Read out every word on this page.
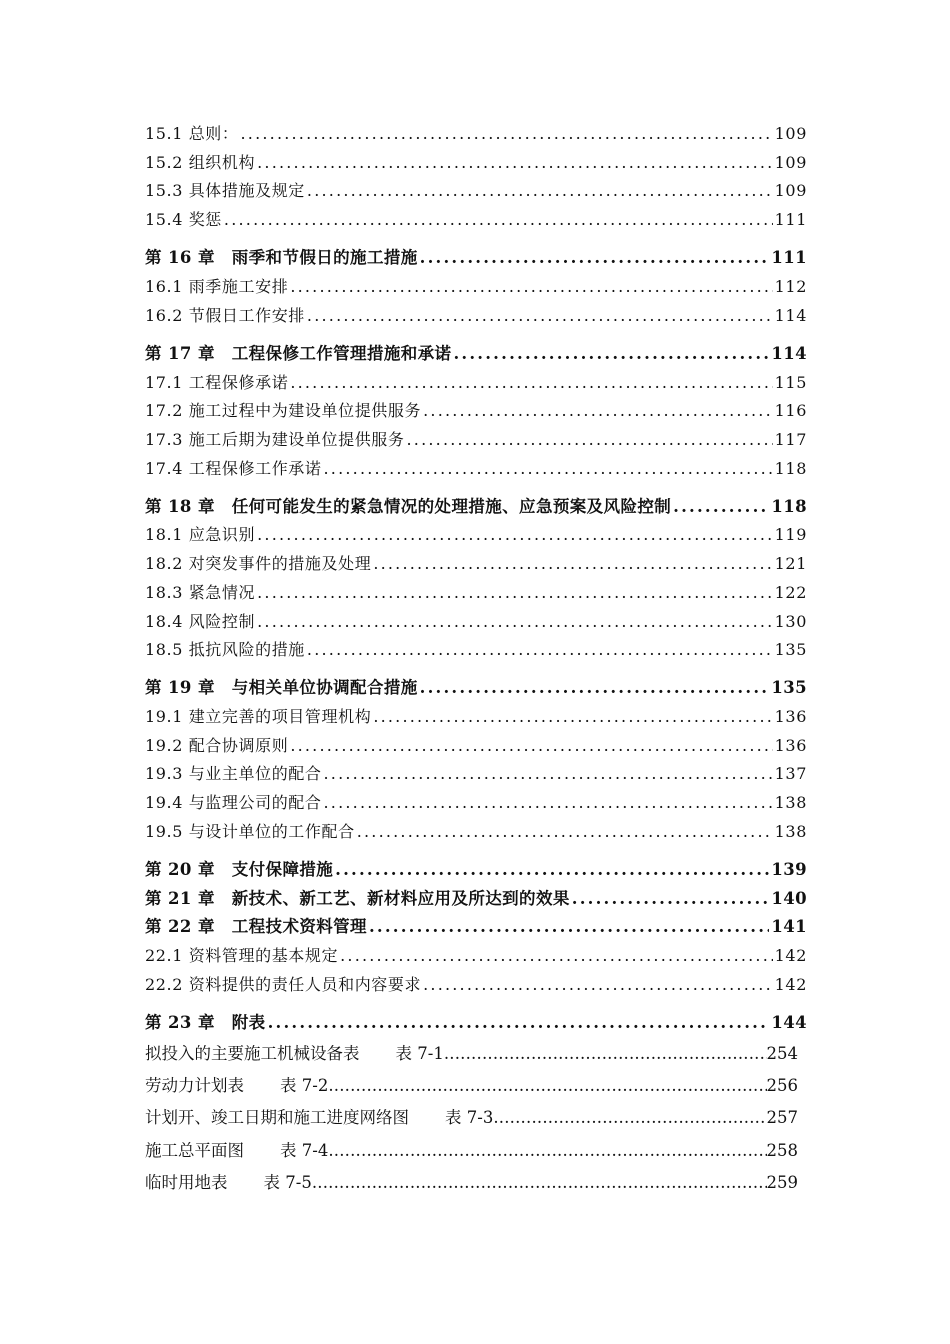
15.1 总则： .....	109
15.2 组织机构 .....	109
15.3 具体措施及规定 .....	109
15.4 奖惩 .....	111
第 16 章　雨季和节假日的施工措施 .....	111
16.1 雨季施工安排 .....	112
16.2 节假日工作安排 .....	114
第 17 章　工程保修工作管理措施和承诺 .....	114
17.1 工程保修承诺 .....	115
17.2 施工过程中为建设单位提供服务 .....	116
17.3 施工后期为建设单位提供服务 .....	117
17.4 工程保修工作承诺 .....	118
第 18 章　任何可能发生的紧急情况的处理措施、应急预案及风险控制 .....	118
18.1 应急识别 .....	119
18.2 对突发事件的措施及处理 .....	121
18.3 紧急情况 .....	122
18.4 风险控制 .....	130
18.5 抵抗风险的措施 .....	135
第 19 章　与相关单位协调配合措施 .....	135
19.1 建立完善的项目管理机构 .....	136
19.2 配合协调原则 .....	136
19.3 与业主单位的配合 .....	137
19.4 与监理公司的配合 .....	138
19.5 与设计单位的工作配合 .....	138
第 20 章　支付保障措施 .....	139
第 21 章　新技术、新工艺、新材料应用及所达到的效果 .....	140
第 22 章　工程技术资料管理 .....	141
22.1 资料管理的基本规定 .....	142
22.2 资料提供的责任人员和内容要求 .....	142
第 23 章　附表 .....	144
拟投入的主要施工机械设备表 表 7-1 .....	254
劳动力计划表 表 7-2 .....	256
计划开、竣工日期和施工进度网络图 表 7-3 .....	257
施工总平面图 表 7-4 .....	258
临时用地表 表 7-5 .....	259
